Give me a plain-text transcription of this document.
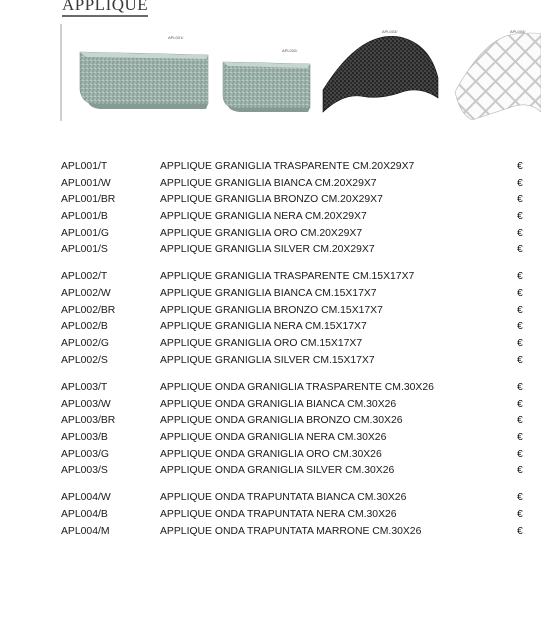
APPLIQUE
APL001/
APL002/
APL003/	APL004/
APL001/T	APPLIQUE GRANIGLIA TRASPARENTE CM.20X29X7	€
APL001/W	APPLIQUE GRANIGLIA BIANCA CM.20X29X7	€
APL001/BR	APPLIQUE GRANIGLIA BRONZO CM.20X29X7	€
APL001/B	APPLIQUE GRANIGLIA NERA CM.20X29X7	€
APL001/G	APPLIQUE GRANIGLIA ORO CM.20X29X7	€
APL001/S	APPLIQUE GRANIGLIA SILVER CM.20X29X7	€
APL002/T	APPLIQUE GRANIGLIA TRASPARENTE CM.15X17X7	€
APL002/W	APPLIQUE GRANIGLIA BIANCA CM.15X17X7	€
APL002/BR	APPLIQUE GRANIGLIA BRONZO CM.15X17X7	€
APL002/B	APPLIQUE GRANIGLIA NERA CM.15X17X7	€
APL002/G	APPLIQUE GRANIGLIA ORO CM.15X17X7	€
APL002/S	APPLIQUE GRANIGLIA SILVER CM.15X17X7	€
APL003/T	APPLIQUE ONDA GRANIGLIA TRASPARENTE CM.30X26	€
APL003/W	APPLIQUE ONDA GRANIGLIA BIANCA CM.30X26	€
APL003/BR	APPLIQUE ONDA GRANIGLIA BRONZO CM.30X26	€
APL003/B	APPLIQUE ONDA GRANIGLIA NERA CM.30X26	€
APL003/G	APPLIQUE ONDA GRANIGLIA ORO CM.30X26	€
APL003/S	APPLIQUE ONDA GRANIGLIA SILVER CM.30X26	€
APL004/W	APPLIQUE ONDA TRAPUNTATA BIANCA CM.30X26	€
APL004/B	APPLIQUE ONDA TRAPUNTATA NERA CM.30X26	€
APL004/M	APPLIQUE ONDA TRAPUNTATA MARRONE CM.30X26	€
